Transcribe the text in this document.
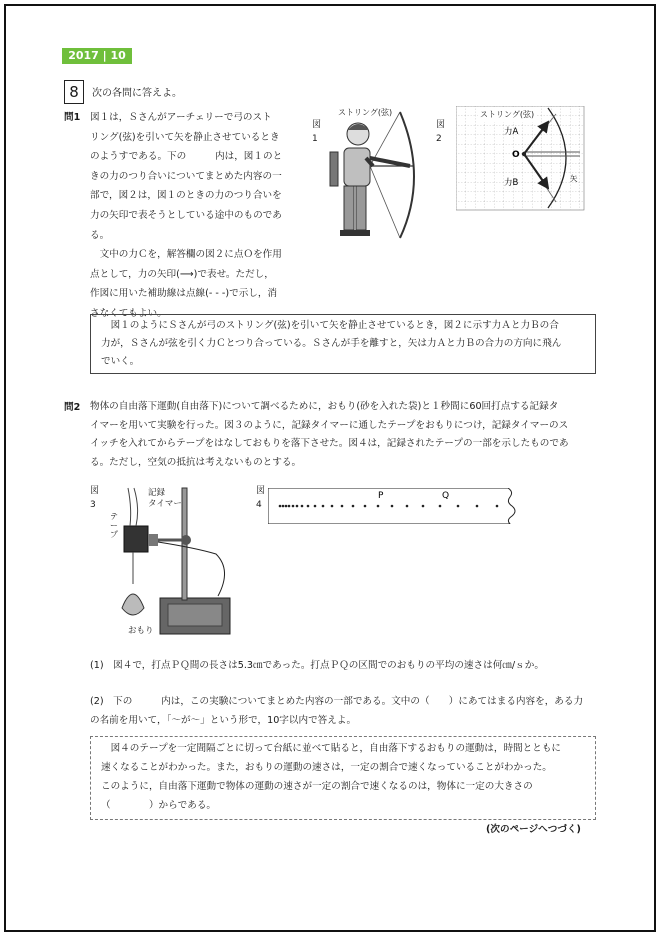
2017 | 10
8	次の各問に答えよ。
問1 図１は，Ｓさんがアーチェリーで弓のスト
リング(弦)を引いて矢を静止させているとき
のようすである。下の　　　内は，図１のと
きの力のつり合いについてまとめた内容の一
部で，図２は，図１のときの力のつり合いを
力の矢印で表そうとしている途中のものであ
る。
　文中の力Ｃを，解答欄の図２に点Ｏを作用
点として，力の矢印(⟶)で表せ。ただし，
作図に用いた補助線は点線(- - -)で示し，消
さなくてもよい。
図
1
ストリング(弦)
図
2
O
力A
力B	矢
ストリング(弦)
　図１のようにＳさんが弓のストリング(弦)を引いて矢を静止させているとき，図２に示す力Ａと力Ｂの合
力が，Ｓさんが弦を引く力Ｃとつり合っている。Ｓさんが手を離すと，矢は力Ａと力Ｂの合力の方向に飛ん
でいく。
問2 物体の自由落下運動(自由落下)について調べるために，おもり(砂を入れた袋)と１秒間に60回打点する記録タ
イマーを用いて実験を行った。図３のように，記録タイマーに通したテープをおもりにつけ，記録タイマーのス
イッチを入れてからテープをはなしておもりを落下させた。図４は，記録されたテープの一部を示したものであ
る。ただし，空気の抵抗は考えないものとする。
図
3
記録
タイマー
テープ
おもり
図
4
P	Q
(1)　図４で，打点ＰＱ間の長さは5.3㎝であった。打点ＰＱの区間でのおもりの平均の速さは何㎝/ｓか。
(2)　下の　　　内は，この実験についてまとめた内容の一部である。文中の（　　）にあてはまる内容を，ある力
の名前を用いて，「～が～」という形で，10字以内で答えよ。
　図４のテープを一定間隔ごとに切って台紙に並べて貼ると，自由落下するおもりの運動は，時間とともに
速くなることがわかった。また，おもりの運動の速さは，一定の割合で速くなっていることがわかった。
このように，自由落下運動で物体の運動の速さが一定の割合で速くなるのは，物体に一定の大きさの
（　　　　）からである。
(次のページへつづく)
